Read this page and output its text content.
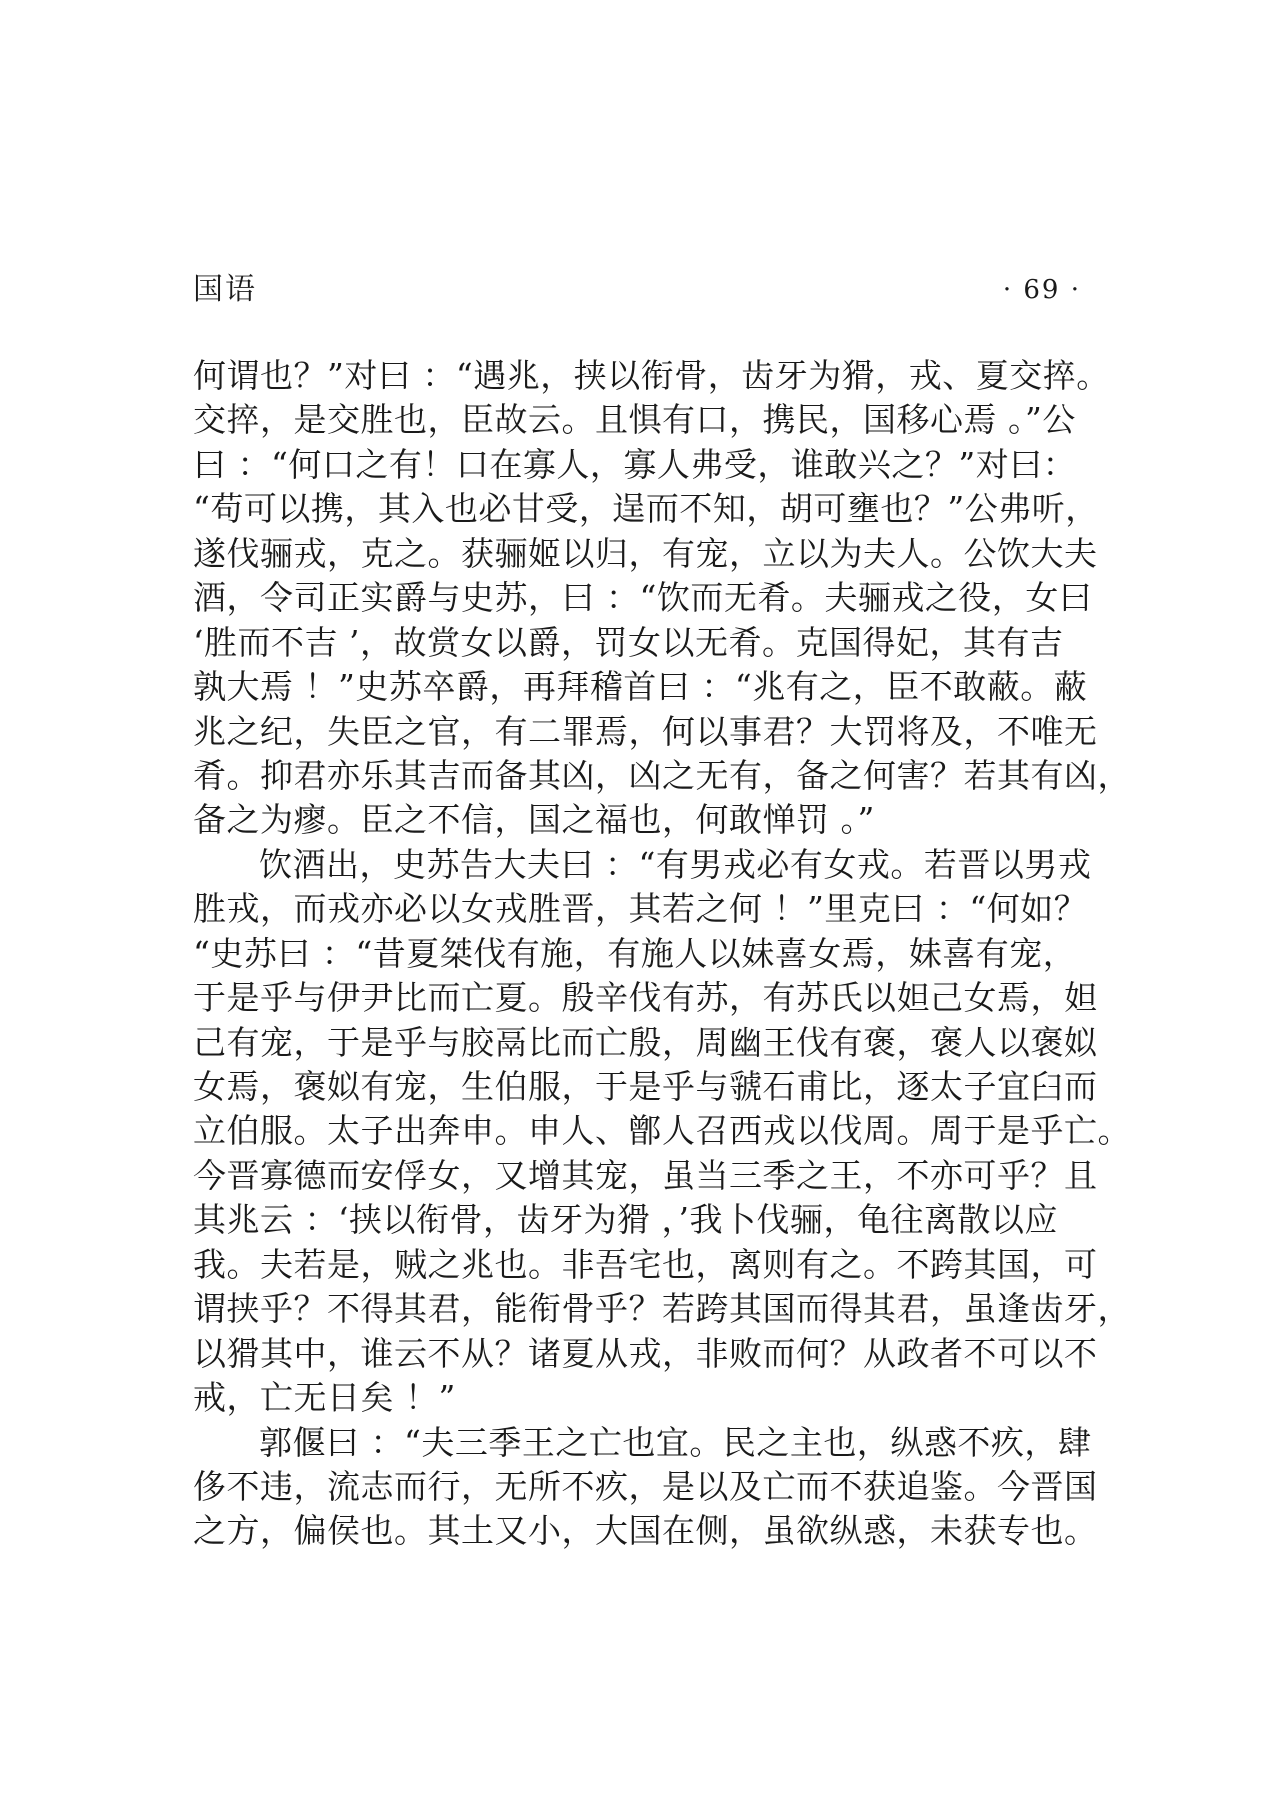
国语	· 69 ·
何谓也？”对曰 ：“遇兆，挟以衔骨，齿牙为猾，戎、夏交捽。
交捽，是交胜也，臣故云。且惧有口，携民，国移心焉 。”公
曰 ：“何口之有！口在寡人，寡人弗受，谁敢兴之？”对曰：
“苟可以携，其入也必甘受，逞而不知，胡可壅也？”公弗听，
遂伐骊戎，克之。获骊姬以归，有宠，立以为夫人。公饮大夫
酒，令司正实爵与史苏，曰 ：“饮而无肴。夫骊戎之役，女曰
‘胜而不吉 ’，故赏女以爵，罚女以无肴。克国得妃，其有吉
孰大焉 ！”史苏卒爵，再拜稽首曰 ：“兆有之，臣不敢蔽。蔽
兆之纪，失臣之官，有二罪焉，何以事君？大罚将及，不唯无
肴。抑君亦乐其吉而备其凶，凶之无有，备之何害？若其有凶，
备之为瘳。臣之不信，国之福也，何敢惮罚 。”
饮酒出，史苏告大夫曰 ：“有男戎必有女戎。若晋以男戎
胜戎，而戎亦必以女戎胜晋，其若之何 ！”里克曰 ：“何如？
“史苏曰 ：“昔夏桀伐有施，有施人以妹喜女焉，妹喜有宠，
于是乎与伊尹比而亡夏。殷辛伐有苏，有苏氏以妲己女焉，妲
己有宠，于是乎与胶鬲比而亡殷，周幽王伐有褒，褒人以褒姒
女焉，褒姒有宠，生伯服，于是乎与虢石甫比，逐太子宜臼而
立伯服。太子出奔申。申人、鄫人召西戎以伐周。周于是乎亡。
今晋寡德而安俘女，又增其宠，虽当三季之王，不亦可乎？且
其兆云 ：‘挟以衔骨，齿牙为猾 ，’我卜伐骊，龟往离散以应
我。夫若是，贼之兆也。非吾宅也，离则有之。不跨其国，可
谓挟乎？不得其君，能衔骨乎？若跨其国而得其君，虽逢齿牙，
以猾其中，谁云不从？诸夏从戎，非败而何？从政者不可以不
戒，亡无日矣 ！”
郭偃曰 ：“夫三季王之亡也宜。民之主也，纵惑不疚，肆
侈不违，流志而行，无所不疚，是以及亡而不获追鉴。今晋国
之方，偏侯也。其土又小，大国在侧，虽欲纵惑，未获专也。
